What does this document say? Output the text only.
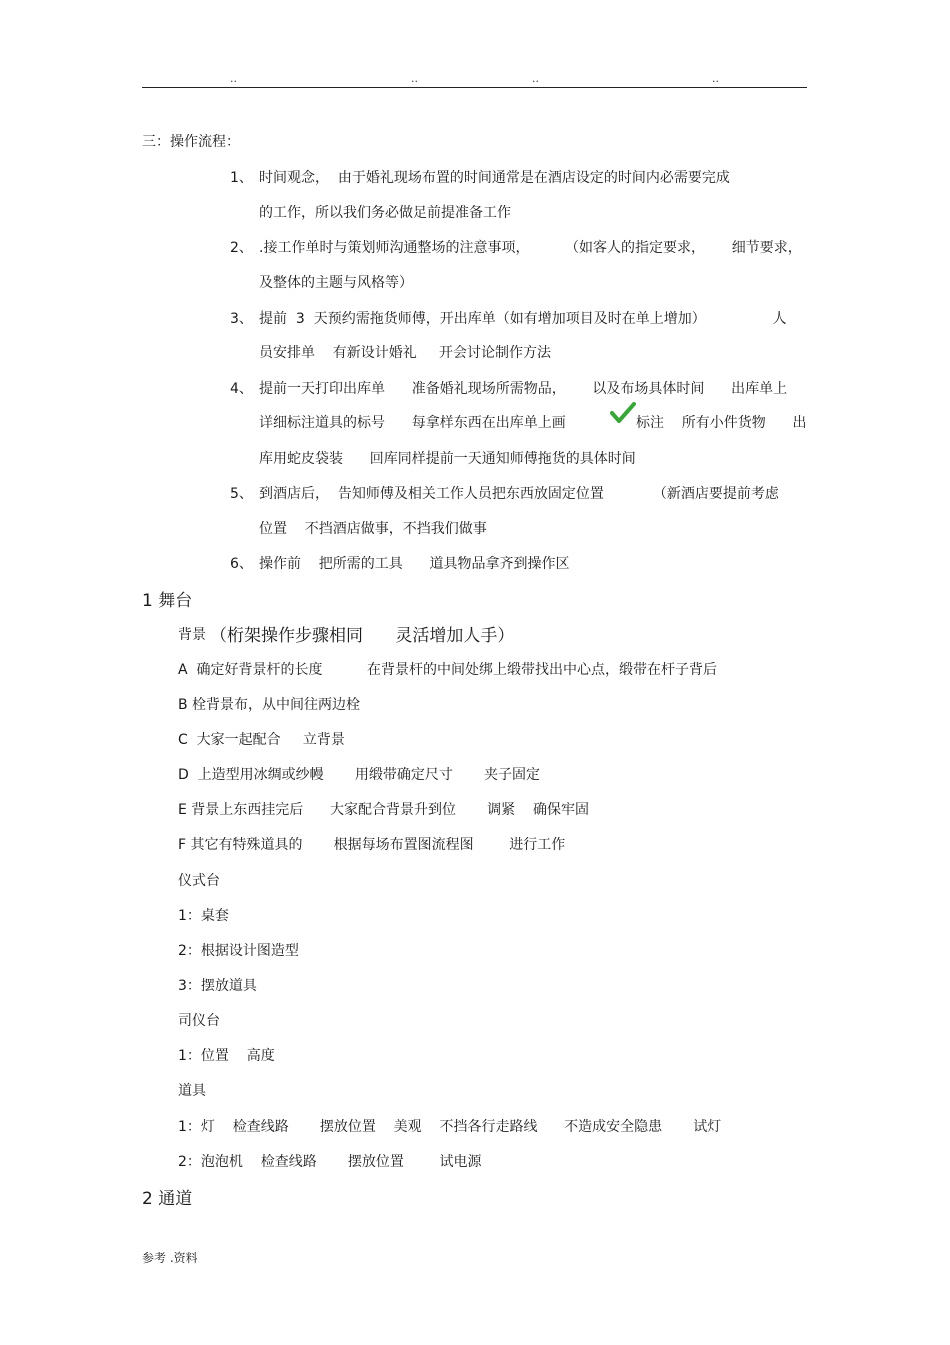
..	..	..	..
三：操作流程：
1、 时间观念，  由于婚礼现场布置的时间通常是在酒店设定的时间内必需要完成
的工作，所以我们务必做足前提准备工作
2、 .接工作单时与策划师沟通整场的注意事项，        （如客人的指定要求，      细节要求，
及整体的主题与风格等）
3、 提前  3  天预约需拖货师傅，开出库单（如有增加项目及时在单上增加）               人
员安排单    有新设计婚礼     开会讨论制作方法
4、 提前一天打印出库单      准备婚礼现场所需物品，      以及布场具体时间      出库单上
详细标注道具的标号      每拿样东西在出库单上画	标注    所有小件货物      出
库用蛇皮袋装      回库同样提前一天通知师傅拖货的具体时间
5、 到酒店后，  告知师傅及相关工作人员把东西放固定位置           （新酒店要提前考虑
位置    不挡酒店做事，不挡我们做事
6、 操作前    把所需的工具      道具物品拿齐到操作区
1 舞台
背景 （桁架操作步骤相同      灵活增加人手）
A  确定好背景杆的长度          在背景杆的中间处绑上缎带找出中心点，缎带在杆子背后
B 栓背景布，从中间往两边栓
C  大家一起配合     立背景
D  上造型用冰绸或纱幔       用缎带确定尺寸       夹子固定
E 背景上东西挂完后      大家配合背景升到位       调紧    确保牢固
F 其它有特殊道具的       根据每场布置图流程图        进行工作
仪式台
1：桌套
2：根据设计图造型
3：摆放道具
司仪台
1：位置    高度
道具
1：灯    检查线路       摆放位置    美观    不挡各行走路线      不造成安全隐患       试灯
2：泡泡机    检查线路       摆放位置        试电源
2 通道
参考 .资料
